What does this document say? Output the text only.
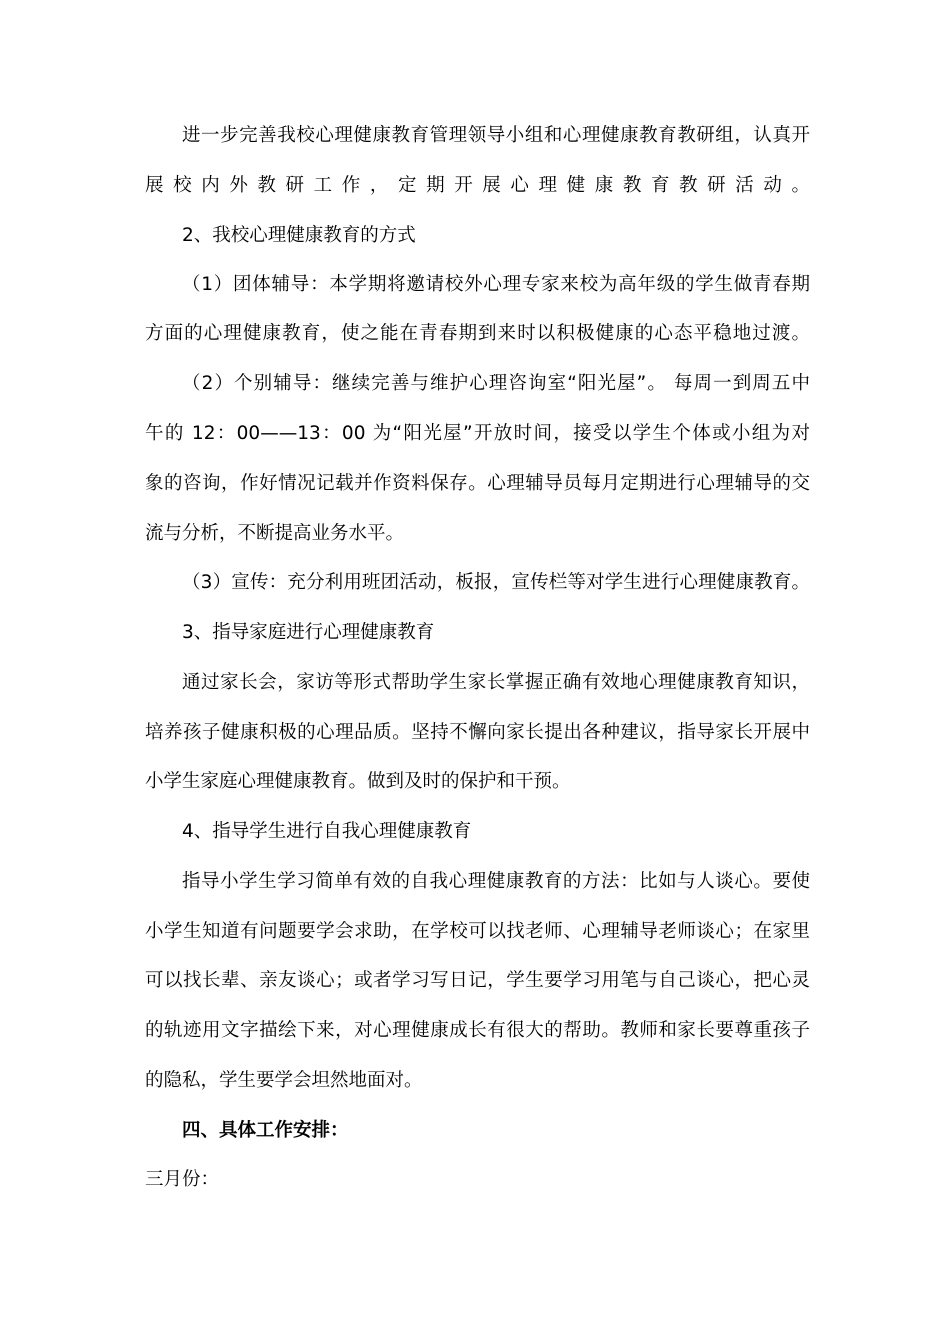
进一步完善我校心理健康教育管理领导小组和心理健康教育教研组，认真开
展校内外教研工作，定期开展心理健康教育教研活动。
2、我校心理健康教育的方式
（1）团体辅导：本学期将邀请校外心理专家来校为高年级的学生做青春期
方面的心理健康教育，使之能在青春期到来时以积极健康的心态平稳地过渡。
（2）个别辅导：继续完善与维护心理咨询室“阳光屋”。 每周一到周五中
午的 12：00——13：00 为“阳光屋”开放时间，接受以学生个体或小组为对
象的咨询，作好情况记载并作资料保存。心理辅导员每月定期进行心理辅导的交
流与分析，不断提高业务水平。
（3）宣传：充分利用班团活动，板报，宣传栏等对学生进行心理健康教育。
3、指导家庭进行心理健康教育
通过家长会，家访等形式帮助学生家长掌握正确有效地心理健康教育知识，
培养孩子健康积极的心理品质。坚持不懈向家长提出各种建议，指导家长开展中
小学生家庭心理健康教育。做到及时的保护和干预。
4、指导学生进行自我心理健康教育
指导小学生学习简单有效的自我心理健康教育的方法：比如与人谈心。要使
小学生知道有问题要学会求助，在学校可以找老师、心理辅导老师谈心；在家里
可以找长辈、亲友谈心；或者学习写日记，学生要学习用笔与自己谈心，把心灵
的轨迹用文字描绘下来，对心理健康成长有很大的帮助。教师和家长要尊重孩子
的隐私，学生要学会坦然地面对。
四、具体工作安排：
三月份：
